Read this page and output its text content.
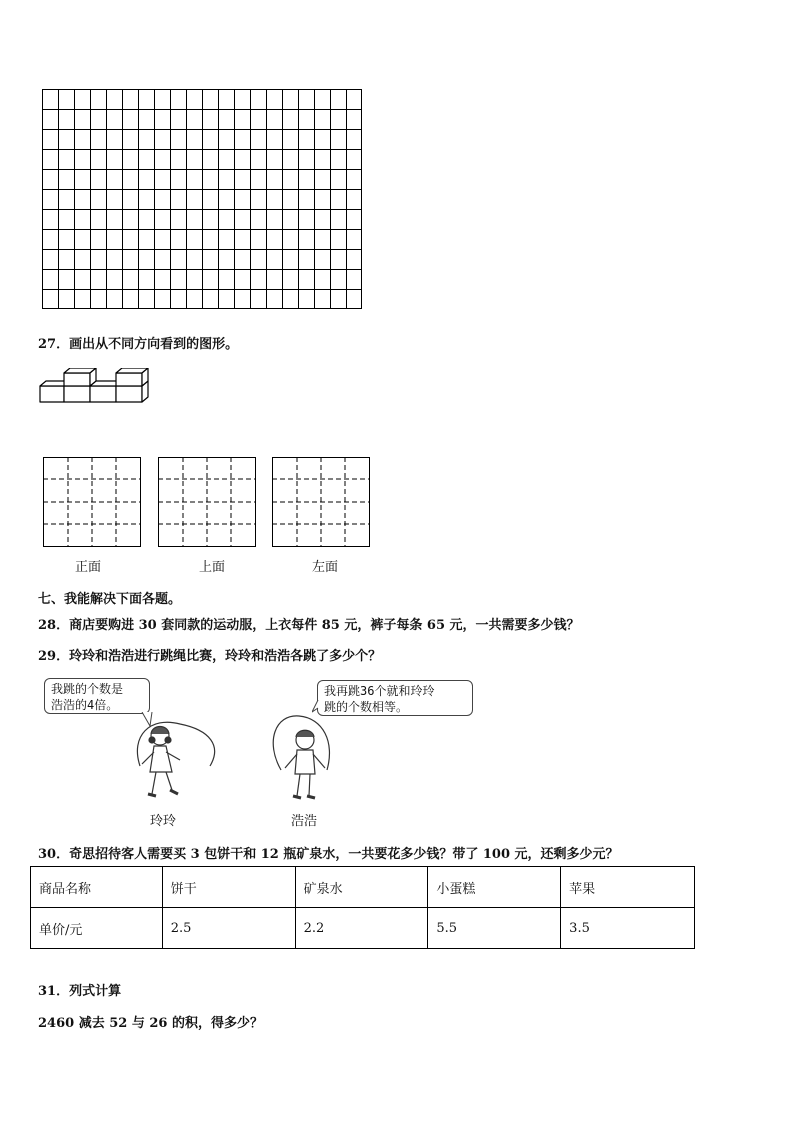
27．画出从不同方向看到的图形。
正面	上面	左面
七、我能解决下面各题。
28．商店要购进 30 套同款的运动服，上衣每件 85 元，裤子每条 65 元，一共需要多少钱？
29．玲玲和浩浩进行跳绳比赛，玲玲和浩浩各跳了多少个？
我跳的个数是
浩浩的4倍。
我再跳36个就和玲玲
跳的个数相等。
玲玲	浩浩
30．奇思招待客人需要买 3 包饼干和 12 瓶矿泉水，一共要花多少钱？带了 100 元，还剩多少元？
商品名称	饼干	矿泉水	小蛋糕	苹果
单价/元	2.5	2.2	5.5	3.5
31．列式计算
2460 减去 52 与 26 的积，得多少？
